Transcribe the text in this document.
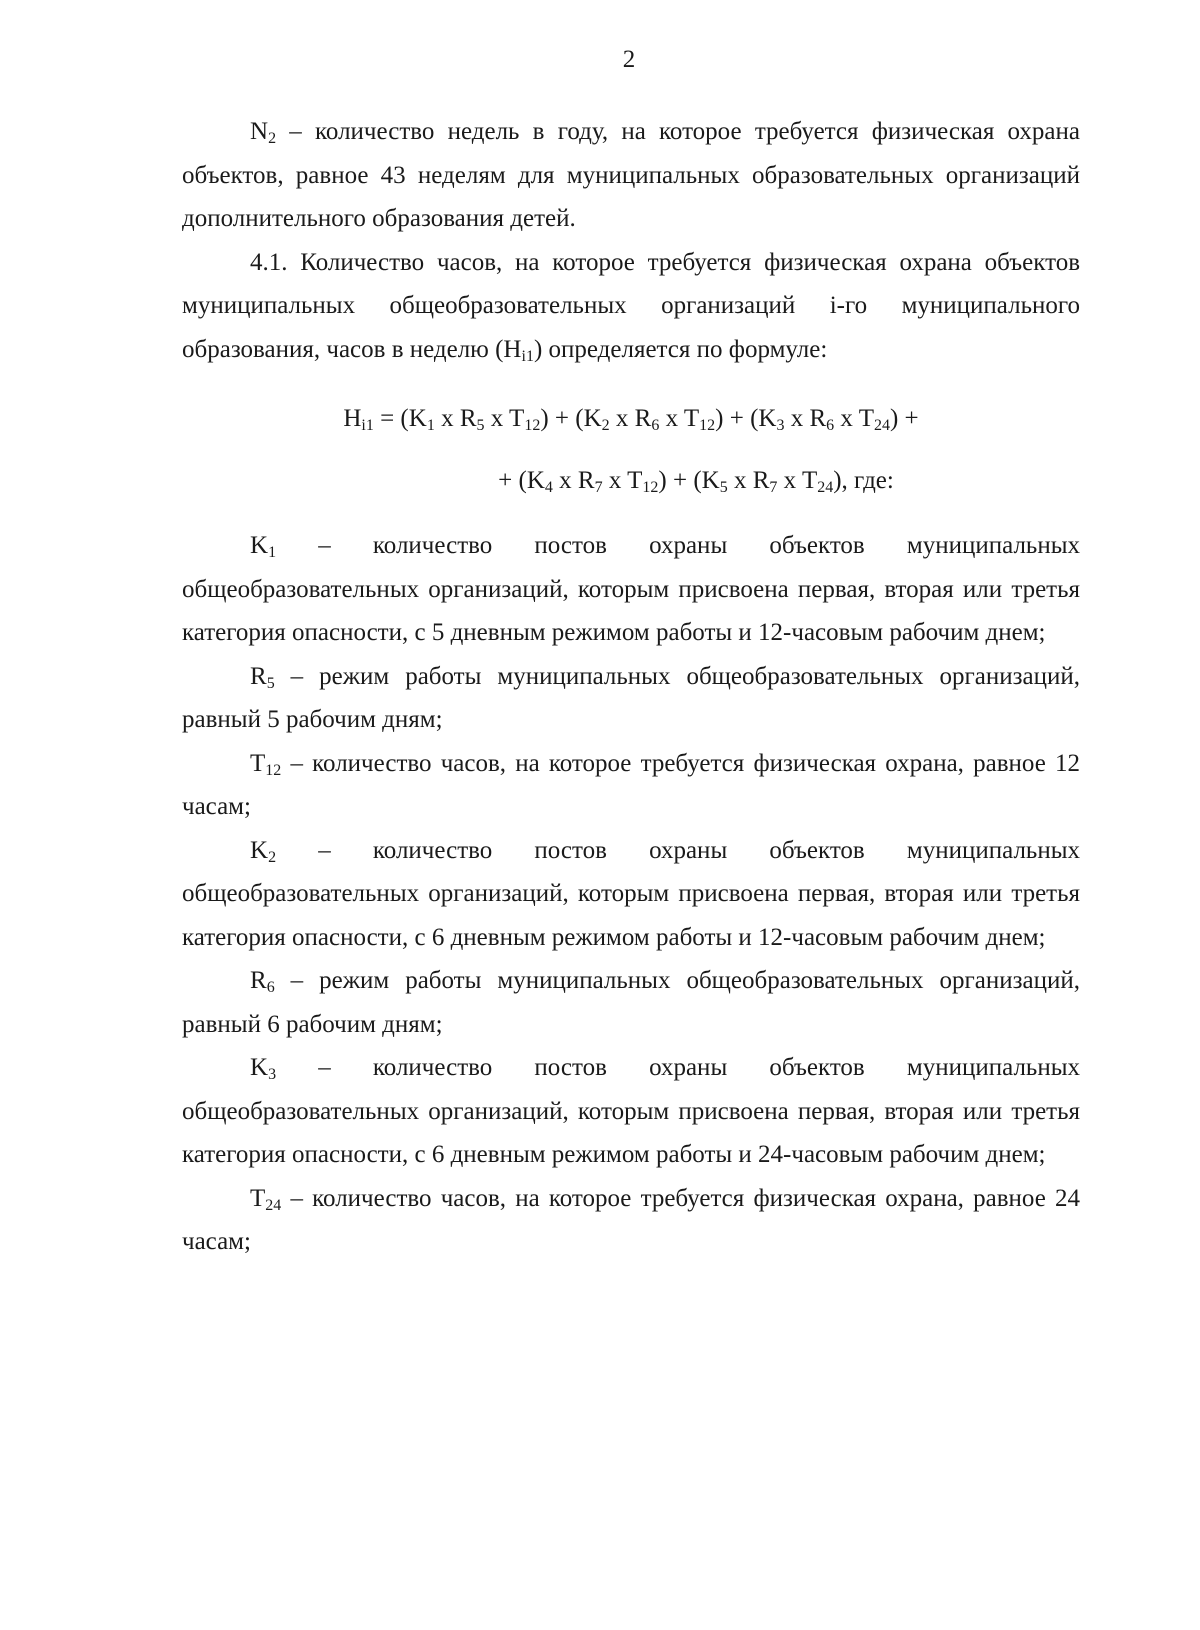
2

$N_2$ – количество недель в году, на которое требуется физическая охрана объектов, равное 43 неделям для муниципальных образовательных организаций дополнительного образования детей.

4.1. Количество часов, на которое требуется физическая охрана объектов муниципальных общеобразовательных организаций i-го муниципального образования, часов в неделю $(H_{i1})$ определяется по формуле:

$H_{i1} = (K_1$ x $R_5$ x $T_{12}) + (K_2$ x $R_6$ x $T_{12}) + (K_3$ x $R_6$ x $T_{24}$) +

+ ($K_4$ x $R_7$ x $T_{12}) + (K_5$ x $R_7$ x $T_{24}$), где:

$K_1$ – количество постов охраны объектов муниципальных общеобразовательных организаций, которым присвоена первая, вторая или третья категория опасности, с 5 дневным режимом работы и 12-часовым рабочим днем;

$R_5$ – режим работы муниципальных общеобразовательных организаций, равный 5 рабочим дням;

$T_{12}$ – количество часов, на которое требуется физическая охрана, равное 12 часам;

$K_2$ – количество постов охраны объектов муниципальных общеобразовательных организаций, которым присвоена первая, вторая или третья категория опасности, с 6 дневным режимом работы и 12-часовым рабочим днем;

$R_6$ – режим работы муниципальных общеобразовательных организаций, равный 6 рабочим дням;

$K_3$ – количество постов охраны объектов муниципальных общеобразовательных организаций, которым присвоена первая, вторая или третья категория опасности, с 6 дневным режимом работы и 24-часовым рабочим днем;

$T_{24}$ – количество часов, на которое требуется физическая охрана, равное 24 часам;
